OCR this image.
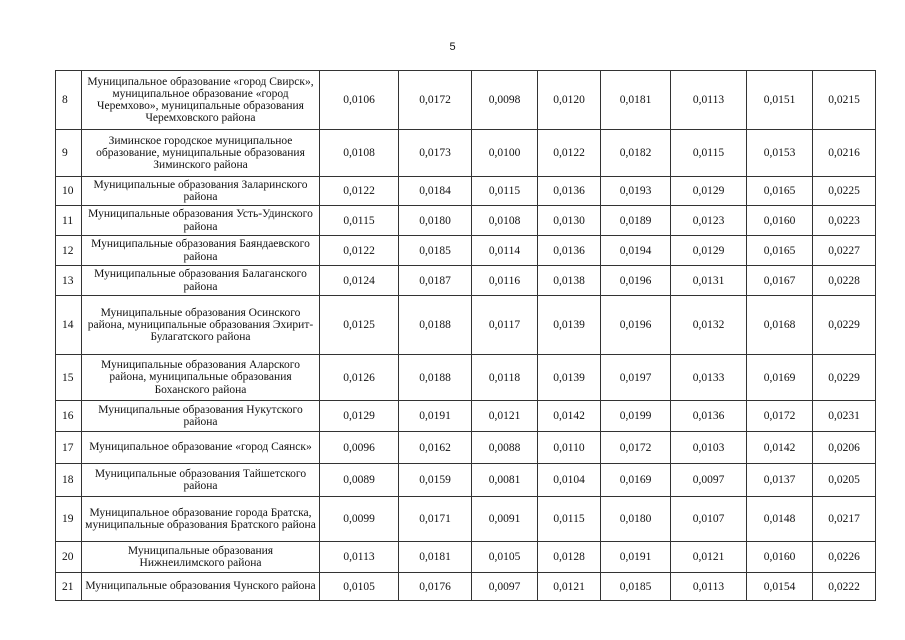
5
8	Муниципальное образование «город Свирск», муниципальное образование «город Черемхово», муниципальные образования Черемховского района	0,0106	0,0172	0,0098	0,0120	0,0181	0,0113	0,0151	0,0215
9	Зиминское городское муниципальное образование, муниципальные образования Зиминского района	0,0108	0,0173	0,0100	0,0122	0,0182	0,0115	0,0153	0,0216
10	Муниципальные образования Заларинского района	0,0122	0,0184	0,0115	0,0136	0,0193	0,0129	0,0165	0,0225
11	Муниципальные образования Усть-Удинского района	0,0115	0,0180	0,0108	0,0130	0,0189	0,0123	0,0160	0,0223
12	Муниципальные образования Баяндаевского района	0,0122	0,0185	0,0114	0,0136	0,0194	0,0129	0,0165	0,0227
13	Муниципальные образования Балаганского района	0,0124	0,0187	0,0116	0,0138	0,0196	0,0131	0,0167	0,0228
14	Муниципальные образования Осинского района, муниципальные образования Эхирит-Булагатского района	0,0125	0,0188	0,0117	0,0139	0,0196	0,0132	0,0168	0,0229
15	Муниципальные образования Аларского района, муниципальные образования Боханского района	0,0126	0,0188	0,0118	0,0139	0,0197	0,0133	0,0169	0,0229
16	Муниципальные образования Нукутского района	0,0129	0,0191	0,0121	0,0142	0,0199	0,0136	0,0172	0,0231
17	Муниципальное образование «город Саянск»	0,0096	0,0162	0,0088	0,0110	0,0172	0,0103	0,0142	0,0206
18	Муниципальные образования Тайшетского района	0,0089	0,0159	0,0081	0,0104	0,0169	0,0097	0,0137	0,0205
19	Муниципальное образование города Братска, муниципальные образования Братского района	0,0099	0,0171	0,0091	0,0115	0,0180	0,0107	0,0148	0,0217
20	Муниципальные образования Нижнеилимского района	0,0113	0,0181	0,0105	0,0128	0,0191	0,0121	0,0160	0,0226
21	Муниципальные образования Чунского района	0,0105	0,0176	0,0097	0,0121	0,0185	0,0113	0,0154	0,0222
